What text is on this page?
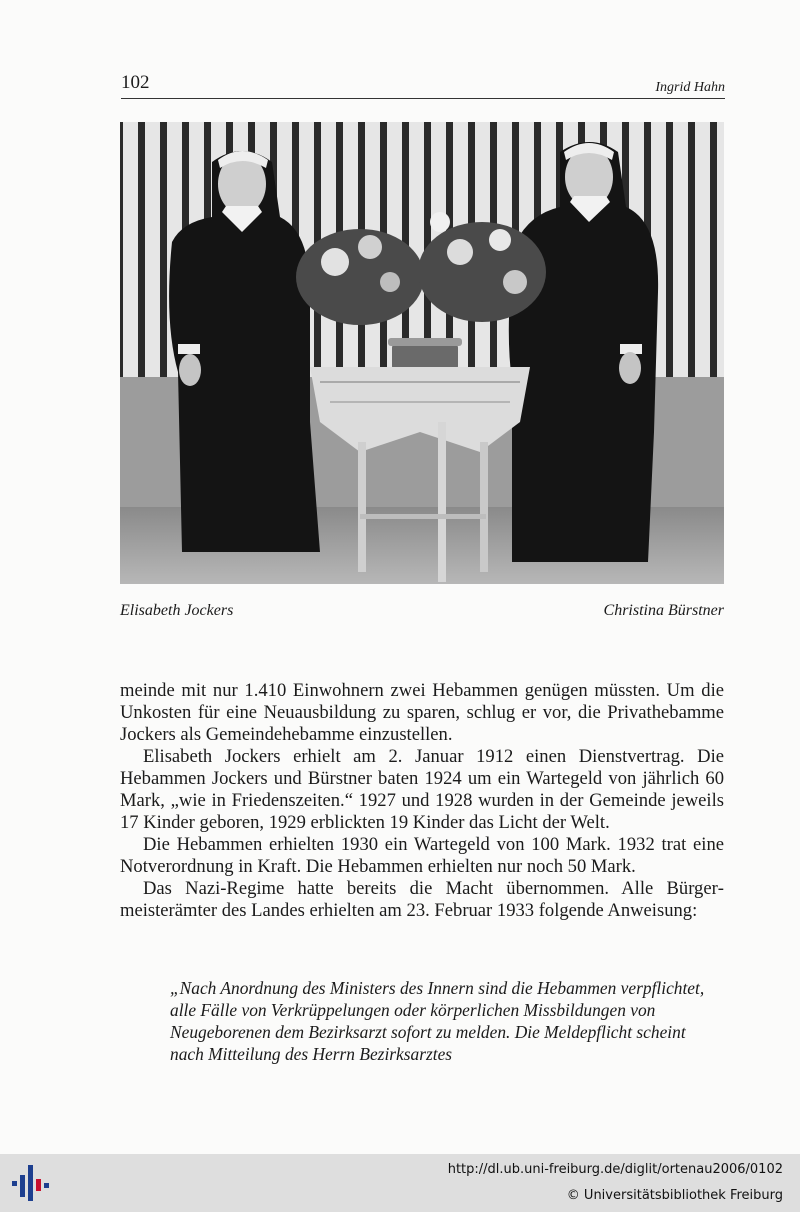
102	Ingrid Hahn
Elisabeth Jockers	Christina Bürstner

meinde mit nur 1.410 Einwohnern zwei Hebammen genügen müssten. Um die Unkosten für eine Neuausbildung zu sparen, schlug er vor, die Privathebamme Jockers als Gemeindehebamme einzustellen.

Elisabeth Jockers erhielt am 2. Januar 1912 einen Dienstvertrag. Die Hebammen Jockers und Bürstner baten 1924 um ein Wartegeld von jährlich 60 Mark, „wie in Friedenszeiten.“ 1927 und 1928 wurden in der Gemeinde jeweils 17 Kinder geboren, 1929 erblickten 19 Kinder das Licht der Welt.

Die Hebammen erhielten 1930 ein Wartegeld von 100 Mark. 1932 trat eine Notverordnung in Kraft. Die Hebammen erhielten nur noch 50 Mark.

Das Nazi-Regime hatte bereits die Macht übernommen. Alle Bürgermeisterämter des Landes erhielten am 23. Februar 1933 folgende Anweisung:

„Nach Anordnung des Ministers des Innern sind die Hebammen verpflichtet, alle Fälle von Verkrüppelungen oder körperlichen Missbildungen von Neugeborenen dem Bezirksarzt sofort zu melden. Die Meldepflicht scheint nach Mitteilung des Herrn Bezirksarztes
http://dl.ub.uni-freiburg.de/diglit/ortenau2006/0102
© Universitätsbibliothek Freiburg
